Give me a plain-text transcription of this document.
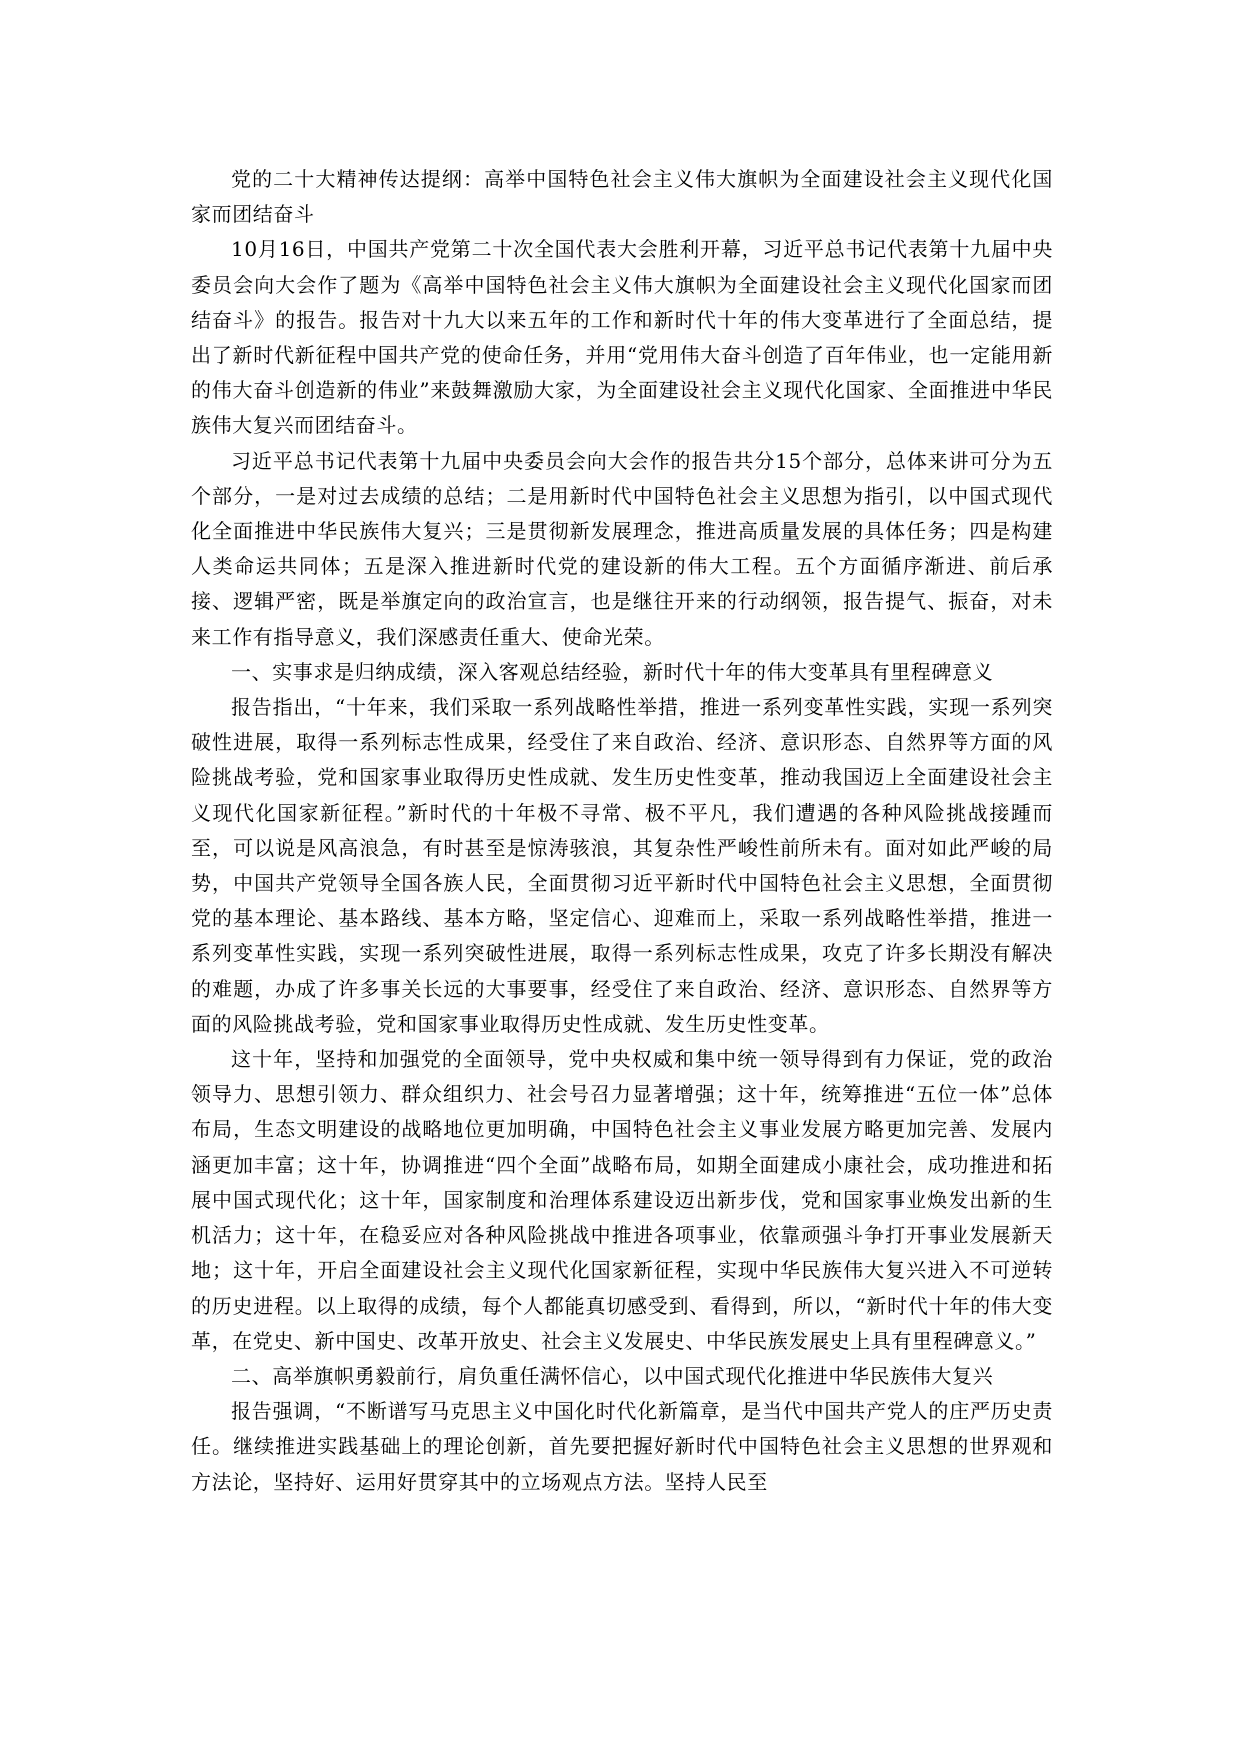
党的二十大精神传达提纲：高举中国特色社会主义伟大旗帜为全面建设社会主义现代化国家而团结奋斗

10月16日，中国共产党第二十次全国代表大会胜利开幕，习近平总书记代表第十九届中央委员会向大会作了题为《高举中国特色社会主义伟大旗帜为全面建设社会主义现代化国家而团结奋斗》的报告。报告对十九大以来五年的工作和新时代十年的伟大变革进行了全面总结，提出了新时代新征程中国共产党的使命任务，并用“党用伟大奋斗创造了百年伟业，也一定能用新的伟大奋斗创造新的伟业”来鼓舞激励大家，为全面建设社会主义现代化国家、全面推进中华民族伟大复兴而团结奋斗。

习近平总书记代表第十九届中央委员会向大会作的报告共分15个部分，总体来讲可分为五个部分，一是对过去成绩的总结；二是用新时代中国特色社会主义思想为指引，以中国式现代化全面推进中华民族伟大复兴；三是贯彻新发展理念，推进高质量发展的具体任务；四是构建人类命运共同体；五是深入推进新时代党的建设新的伟大工程。五个方面循序渐进、前后承接、逻辑严密，既是举旗定向的政治宣言，也是继往开来的行动纲领，报告提气、振奋，对未来工作有指导意义，我们深感责任重大、使命光荣。

一、实事求是归纳成绩，深入客观总结经验，新时代十年的伟大变革具有里程碑意义

报告指出，“十年来，我们采取一系列战略性举措，推进一系列变革性实践，实现一系列突破性进展，取得一系列标志性成果，经受住了来自政治、经济、意识形态、自然界等方面的风险挑战考验，党和国家事业取得历史性成就、发生历史性变革，推动我国迈上全面建设社会主义现代化国家新征程。”新时代的十年极不寻常、极不平凡，我们遭遇的各种风险挑战接踵而至，可以说是风高浪急，有时甚至是惊涛骇浪，其复杂性严峻性前所未有。面对如此严峻的局势，中国共产党领导全国各族人民，全面贯彻习近平新时代中国特色社会主义思想，全面贯彻党的基本理论、基本路线、基本方略，坚定信心、迎难而上，采取一系列战略性举措，推进一系列变革性实践，实现一系列突破性进展，取得一系列标志性成果，攻克了许多长期没有解决的难题，办成了许多事关长远的大事要事，经受住了来自政治、经济、意识形态、自然界等方面的风险挑战考验，党和国家事业取得历史性成就、发生历史性变革。

这十年，坚持和加强党的全面领导，党中央权威和集中统一领导得到有力保证，党的政治领导力、思想引领力、群众组织力、社会号召力显著增强；这十年，统筹推进“五位一体”总体布局，生态文明建设的战略地位更加明确，中国特色社会主义事业发展方略更加完善、发展内涵更加丰富；这十年，协调推进“四个全面”战略布局，如期全面建成小康社会，成功推进和拓展中国式现代化；这十年，国家制度和治理体系建设迈出新步伐，党和国家事业焕发出新的生机活力；这十年，在稳妥应对各种风险挑战中推进各项事业，依靠顽强斗争打开事业发展新天地；这十年，开启全面建设社会主义现代化国家新征程，实现中华民族伟大复兴进入不可逆转的历史进程。以上取得的成绩，每个人都能真切感受到、看得到，所以，“新时代十年的伟大变革，在党史、新中国史、改革开放史、社会主义发展史、中华民族发展史上具有里程碑意义。”

二、高举旗帜勇毅前行，肩负重任满怀信心，以中国式现代化推进中华民族伟大复兴

报告强调，“不断谱写马克思主义中国化时代化新篇章，是当代中国共产党人的庄严历史责任。继续推进实践基础上的理论创新，首先要把握好新时代中国特色社会主义思想的世界观和方法论，坚持好、运用好贯穿其中的立场观点方法。坚持人民至
